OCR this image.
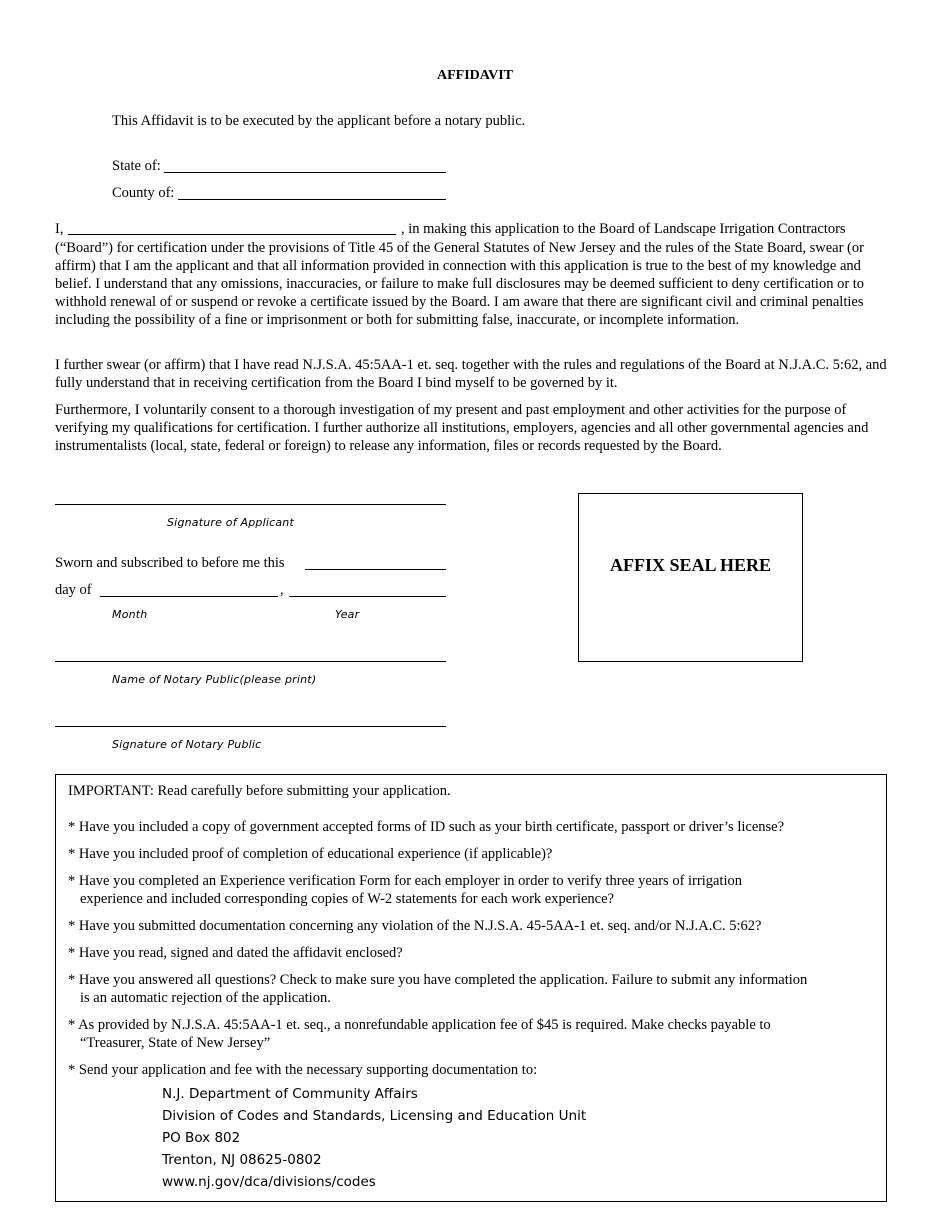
AFFIDAVIT
This Affidavit is to be executed by the applicant before a notary public.
State of:
County of:
I,	, in making this application to the Board of Landscape Irrigation Contractors
(“Board”) for certification under the provisions of Title 45 of the General Statutes of New Jersey and the rules of the State Board, swear (or affirm) that I am the applicant and that all information provided in connection with this application is true to the best of my knowledge and belief. I understand that any omissions, inaccuracies, or failure to make full disclosures may be deemed sufficient to deny certification or to withhold renewal of or suspend or revoke a certificate issued by the Board. I am aware that there are significant civil and criminal penalties including the possibility of a fine or imprisonment or both for submitting false, inaccurate, or incomplete information.
I further swear (or affirm) that I have read N.J.S.A. 45:5AA-1 et. seq. together with the rules and regulations of the Board at N.J.A.C. 5:62, and fully understand that in receiving certification from the Board I bind myself to be governed by it.
Furthermore, I voluntarily consent to a thorough investigation of my present and past employment and other activities for the purpose of verifying my qualifications for certification. I further authorize all institutions, employers, agencies and all other governmental agencies and instrumentalists (local, state, federal or foreign) to release any information, files or records requested by the Board.
Signature of Applicant
Sworn and subscribed to before me this
day of	,
Month	Year
Name of Notary Public(please print)
Signature of Notary Public
AFFIX SEAL HERE
IMPORTANT: Read carefully before submitting your application.
* Have you included a copy of government accepted forms of ID such as your birth certificate, passport or driver’s license?
* Have you included proof of completion of educational experience (if applicable)?
* Have you completed an Experience verification Form for each employer in order to verify three years of irrigation
experience and included corresponding copies of W-2 statements for each work experience?
* Have you submitted documentation concerning any violation of the N.J.S.A. 45-5AA-1 et. seq. and/or N.J.A.C. 5:62?
* Have you read, signed and dated the affidavit enclosed?
* Have you answered all questions? Check to make sure you have completed the application. Failure to submit any information
is an automatic rejection of the application.
* As provided by N.J.S.A. 45:5AA-1 et. seq., a nonrefundable application fee of $45 is required. Make checks payable to
“Treasurer, State of New Jersey”
* Send your application and fee with the necessary supporting documentation to:
N.J. Department of Community Affairs
Division of Codes and Standards, Licensing and Education Unit
PO Box 802
Trenton, NJ 08625-0802
www.nj.gov/dca/divisions/codes
